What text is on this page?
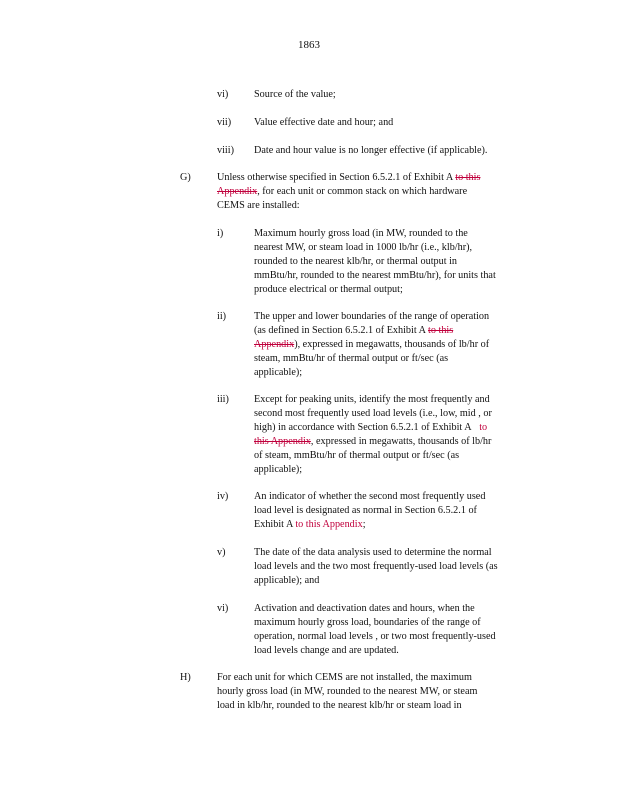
1863
vi)	Source of the value;
vii) Value effective date and hour; and
viii) Date and hour value is no longer effective (if applicable).
G)	Unless otherwise specified in Section 6.5.2.1 of Exhibit A to this
Appendix, for each unit or common stack on which hardware
CEMS are installed:
i)	Maximum hourly gross load (in MW, rounded to the
nearest MW, or steam load in 1000 lb/hr (i.e., klb/hr),
rounded to the nearest klb/hr, or thermal output in
mmBtu/hr, rounded to the nearest mmBtu/hr), for units that
produce electrical or thermal output;
ii)	The upper and lower boundaries of the range of operation
(as defined in Section 6.5.2.1 of Exhibit A to this
Appendix), expressed in megawatts, thousands of lb/hr of
steam, mmBtu/hr of thermal output or ft/sec (as
applicable);
iii) Except for peaking units, identify the most frequently and
second most frequently used load levels (i.e., low, mid , or
high) in accordance with Section 6.5.2.1 of Exhibit A to
this Appendix, expressed in megawatts, thousands of lb/hr
of steam, mmBtu/hr of thermal output or ft/sec (as
applicable);
iv)	An indicator of whether the second most frequently used
load level is designated as normal in Section 6.5.2.1 of
Exhibit A to this Appendix;
v)	The date of the data analysis used to determine the normal
load levels and the two most frequently-used load levels (as
applicable); and
vi)	Activation and deactivation dates and hours, when the
maximum hourly gross load, boundaries of the range of
operation, normal load levels , or two most frequently-used
load levels change and are updated.
H)	For each unit for which CEMS are not installed, the maximum
hourly gross load (in MW, rounded to the nearest MW, or steam
load in klb/hr, rounded to the nearest klb/hr or steam load in
